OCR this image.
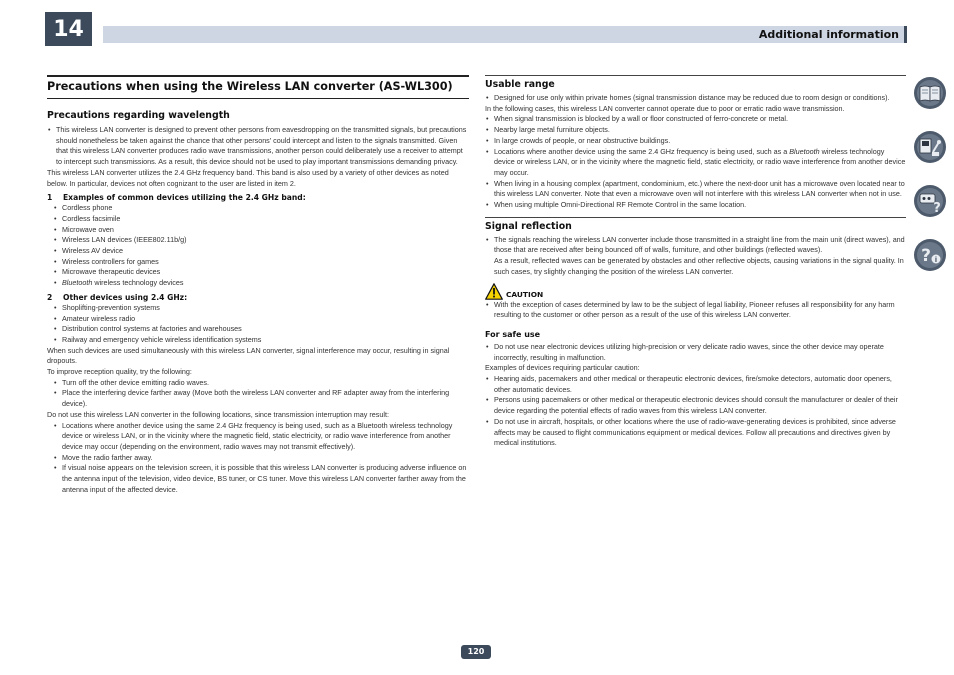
14	Additional information
Precautions when using the Wireless LAN converter (AS-WL300)
Precautions regarding wavelength
• This wireless LAN converter is designed to prevent other persons from eavesdropping on the transmitted signals, but precautions should nonetheless be taken against the chance that other persons' could intercept and listen to the signals transmitted. Given that this wireless LAN converter produces radio wave transmissions, another person could deliberately use a receiver to attempt to intercept such transmissions. As a result, this device should not be used to play important transmissions demanding privacy.

This wireless LAN converter utilizes the 2.4 GHz frequency band. This band is also used by a variety of other devices as noted below. In particular, devices not often cognizant to the user are listed in item 2.

1 Examples of common devices utilizing the 2.4 GHz band:
• Cordless phone
• Cordless facsimile
• Microwave oven
• Wireless LAN devices (IEEE802.11b/g)
• Wireless AV device
• Wireless controllers for games
• Microwave therapeutic devices
• Bluetooth wireless technology devices
2 Other devices using 2.4 GHz:
• Shoplifting-prevention systems
• Amateur wireless radio
• Distribution control systems at factories and warehouses
• Railway and emergency vehicle wireless identification systems

When such devices are used simultaneously with this wireless LAN converter, signal interference may occur, resulting in signal dropouts.

To improve reception quality, try the following:

• Turn off the other device emitting radio waves.
• Place the interfering device farther away (Move both the wireless LAN converter and RF adapter away from the interfering device).

Do not use this wireless LAN converter in the following locations, since transmission interruption may result:

• Locations where another device using the same 2.4 GHz frequency is being used, such as a Bluetooth wireless technology device or wireless LAN, or in the vicinity where the magnetic field, static electricity, or radio wave interference from another device may occur (depending on the environment, radio waves may not transmit effectively).
• Move the radio farther away.
• If visual noise appears on the television screen, it is possible that this wireless LAN converter is producing adverse influence on the antenna input of the television, video device, BS tuner, or CS tuner. Move this wireless LAN converter farther away from the antenna input of the affected device.
Usable range
• Designed for use only within private homes (signal transmission distance may be reduced due to room design or conditions).

In the following cases, this wireless LAN converter cannot operate due to poor or erratic radio wave transmission.

• When signal transmission is blocked by a wall or floor constructed of ferro-concrete or metal.
• Nearby large metal furniture objects.
• In large crowds of people, or near obstructive buildings.
• Locations where another device using the same 2.4 GHz frequency is being used, such as a Bluetooth wireless technology device or wireless LAN, or in the vicinity where the magnetic field, static electricity, or radio wave interference from another device may occur.
• When living in a housing complex (apartment, condominium, etc.) where the next-door unit has a microwave oven located near to this wireless LAN converter. Note that even a microwave oven will not interfere with this wireless LAN converter when not in use.
• When using multiple Omni-Directional RF Remote Control in the same location.
Signal reflection
• The signals reaching the wireless LAN converter include those transmitted in a straight line from the main unit (direct waves), and those that are received after being bounced off of walls, furniture, and other buildings (reflected waves).

As a result, reflected waves can be generated by obstacles and other reflective objects, causing variations in the signal quality. In such cases, try slightly changing the position of the wireless LAN converter.

CAUTION
• With the exception of cases determined by law to be the subject of legal liability, Pioneer refuses all responsibility for any harm resulting to the customer or other person as a result of the use of this wireless LAN converter.
For safe use
• Do not use near electronic devices utilizing high-precision or very delicate radio waves, since the other device may operate incorrectly, resulting in malfunction.

Examples of devices requiring particular caution:

• Hearing aids, pacemakers and other medical or therapeutic electronic devices, fire/smoke detectors, automatic door openers, other automatic devices.
• Persons using pacemakers or other medical or therapeutic electronic devices should consult the manufacturer or dealer of their device regarding the potential effects of radio waves from this wireless LAN converter.
• Do not use in aircraft, hospitals, or other locations where the use of radio-wave-generating devices is prohibited, since adverse affects may be caused to flight communications equipment or medical devices. Follow all precautions and directives given by medical institutions.
?
? i
120
